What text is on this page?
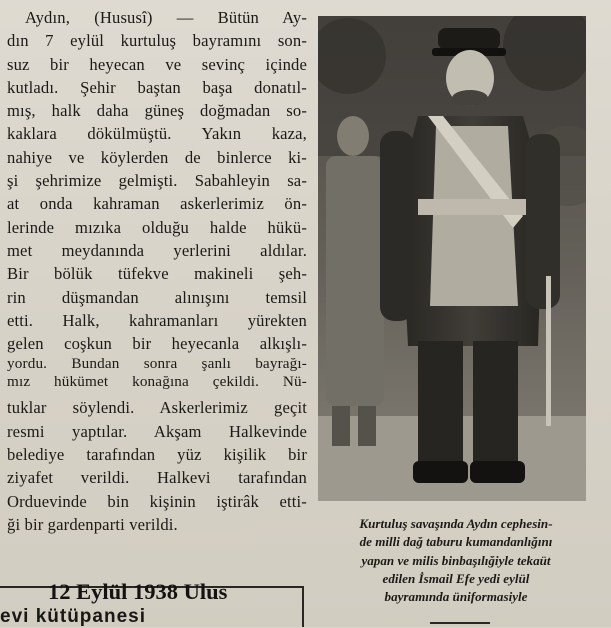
Aydın, (Hususî) — Bütün Ay-
dın 7 eylül kurtuluş bayramını son-
suz bir heyecan ve sevinç içinde
kutladı. Şehir baştan başa donatıl-
mış, halk daha güneş doğmadan so-
kaklara dökülmüştü. Yakın kaza,
nahiye ve köylerden de binlerce ki-
şi şehrimize gelmişti. Sabahleyin sa-
at onda kahraman askerlerimiz ön-
lerinde mızıka olduğu halde hükü-
met meydanında yerlerini aldılar.
Bir bölük tüfekve makineli şeh-
rin düşmandan alınışını temsil
etti. Halk, kahramanları yürekten
gelen coşkun bir heyecanla alkışlı-
yordu. Bundan sonra şanlı bayrağı-
mız hükümet konağına çekildi. Nü-
tuklar söylendi. Askerlerimiz geçit
resmi yaptılar. Akşam Halkevinde
belediye tarafından yüz kişilik bir
ziyafet verildi. Halkevi tarafından
Orduevinde bin kişinin iştirâk etti-
ği bir gardenparti verildi.	Kurtuluş savaşında Aydın cephesin-
de milli dağ taburu kumandanlığını
yapan ve milis binbaşılığiyle tekaüt
edilen İsmail Efe yedi eylül
bayramında üniformasiyle
12 Eylül 1938 Ulus
evi kütüpanesi
